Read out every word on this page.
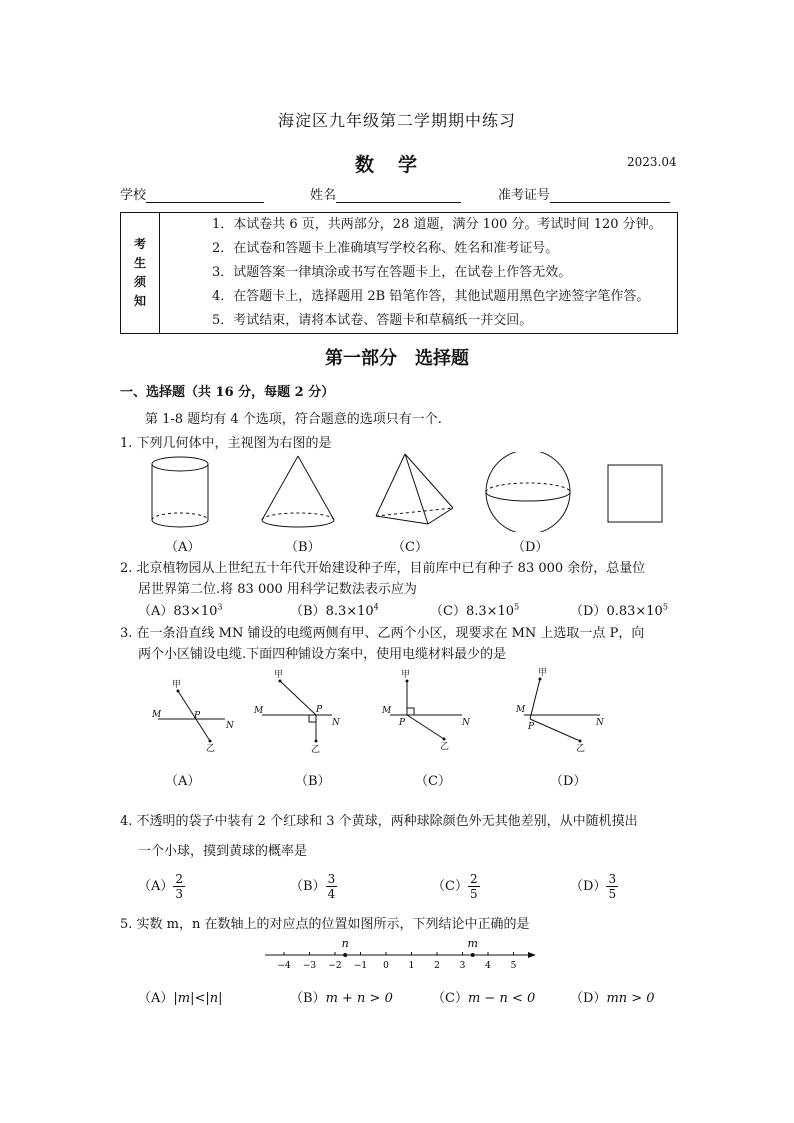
海淀区九年级第二学期期中练习
数学	2023.04
学校	姓名	准考证号
考
生
须
知

1．本试卷共 6 页，共两部分，28 道题，满分 100 分。考试时间 120 分钟。
2．在试卷和答题卡上准确填写学校名称、姓名和准考证号。
3．试题答案一律填涂或书写在答题卡上，在试卷上作答无效。
4．在答题卡上，选择题用 2B 铅笔作答，其他试题用黑色字迹签字笔作答。
5．考试结束，请将本试卷、答题卡和草稿纸一并交回。
第一部分　选择题
一、选择题（共 16 分，每题 2 分）
第 1-8 题均有 4 个选项，符合题意的选项只有一个.
1. 下列几何体中，主视图为右图的是
（A）	（B）	（C）	（D）
2. 北京植物园从上世纪五十年代开始建设种子库，目前库中已有种子 83 000 余份，总量位
居世界第二位.将 83 000 用科学记数法表示应为
$(A)83\times 10^3$	$(B)8.3\times 10^4$	$(C)8.3\times 10^5$	$(D)0.83\times 10^5$
3. 在一条沿直线 MN 铺设的电缆两侧有甲、乙两个小区，现要求在 MN 上选取一点 P，向
两个小区铺设电缆.下面四种铺设方案中，使用电缆材料最少的是
甲
乙
M
N
P
甲
乙
M
N
P
甲
乙
M
N
P
甲
乙
M
N
P
（A）	（B）	（C）	（D）
4. 不透明的袋子中装有 2 个红球和 3 个黄球，两种球除颜色外无其他差别，从中随机摸出
一个小球，摸到黄球的概率是
$(A) \frac{2}{3}$	$(B) \frac{3}{4}$	$(C) \frac{2}{5}$	$(D) \frac{3}{5}$
5. 实数 m，n 在数轴上的对应点的位置如图所示，下列结论中正确的是
−4 −3 −2 −1 0 1 2 3 4 5
n	m
（A）|m|<|n|	（B）m + n > 0	（C）m − n < 0	（D）mn > 0
